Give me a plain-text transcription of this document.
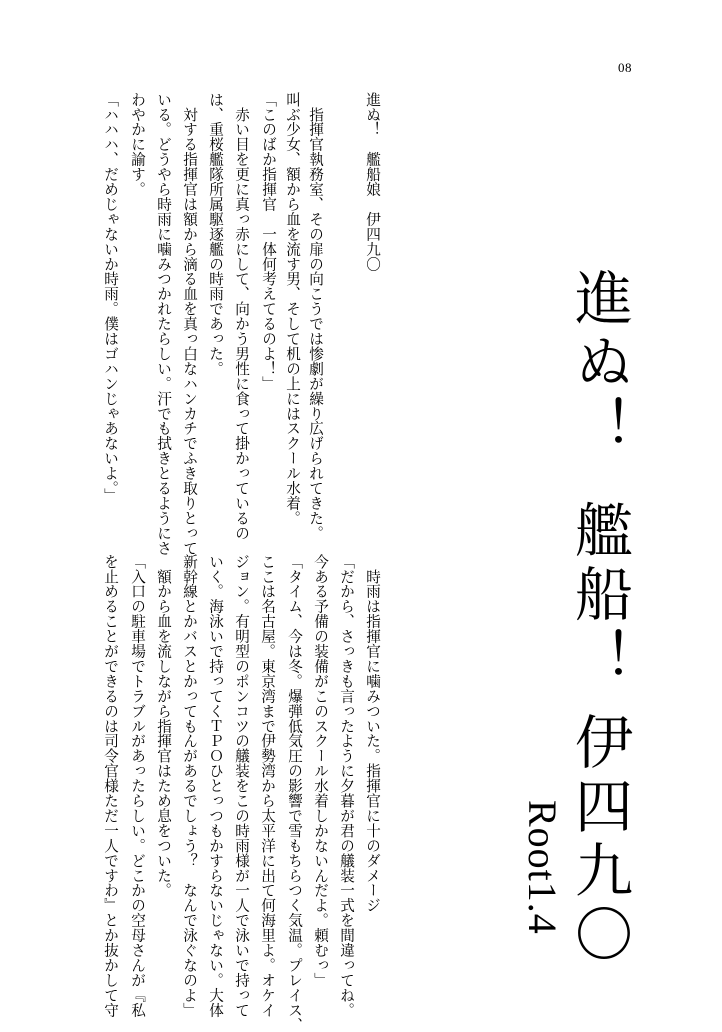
08
進ぬ！　艦船娘　伊四九〇
　指揮官執務室、その扉の向こうでは惨劇が繰り広げられてきた。
叫ぶ少女、額から血を流す男、そして机の上にはスクール水着。
「このばか指揮官　一体何考えてるのよ！」
　赤い目を更に真っ赤にして、向かう男性に食って掛かっているの
は、重桜艦隊所属駆逐艦の時雨であった。
　対する指揮官は額から滴る血を真っ白なハンカチでふき取りとって
いる。どうやら時雨に噛みつかれたらしい。汗でも拭きとるようにさ
わやかに諭す。
「ハハハ、だめじゃないか時雨。僕はゴハンじゃあないよ。」
　時雨は指揮官に噛みついた。指揮官に十のダメージ
「だから、さっきも言ったように夕暮が君の艤装一式を間違ってね。
今ある予備の装備がこのスクール水着しかないんだよ。頼むっ」
「タイム、今は冬。爆弾低気圧の影響で雪もちらつく気温。プレイス、
ここは名古屋。東京湾まで伊勢湾から太平洋に出て何海里よ。オケイ
ジョン。有明型のポンコツの艤装をこの時雨様が一人で泳いで持って
いく。海泳いで持ってくＴＰＯひとっつもかすらないじゃない。大体
新幹線とかバスとかってもんがあるでしょう？　なんで泳ぐなのよ」
　額から血を流しながら指揮官はため息をついた。
「入口の駐車場でトラブルがあったらしい。どこかの空母さんが『私
を止めることができるのは司令官様ただ一人ですわ』とか抜かして守
進ぬ！
艦船！
伊四九〇
Root1.4
